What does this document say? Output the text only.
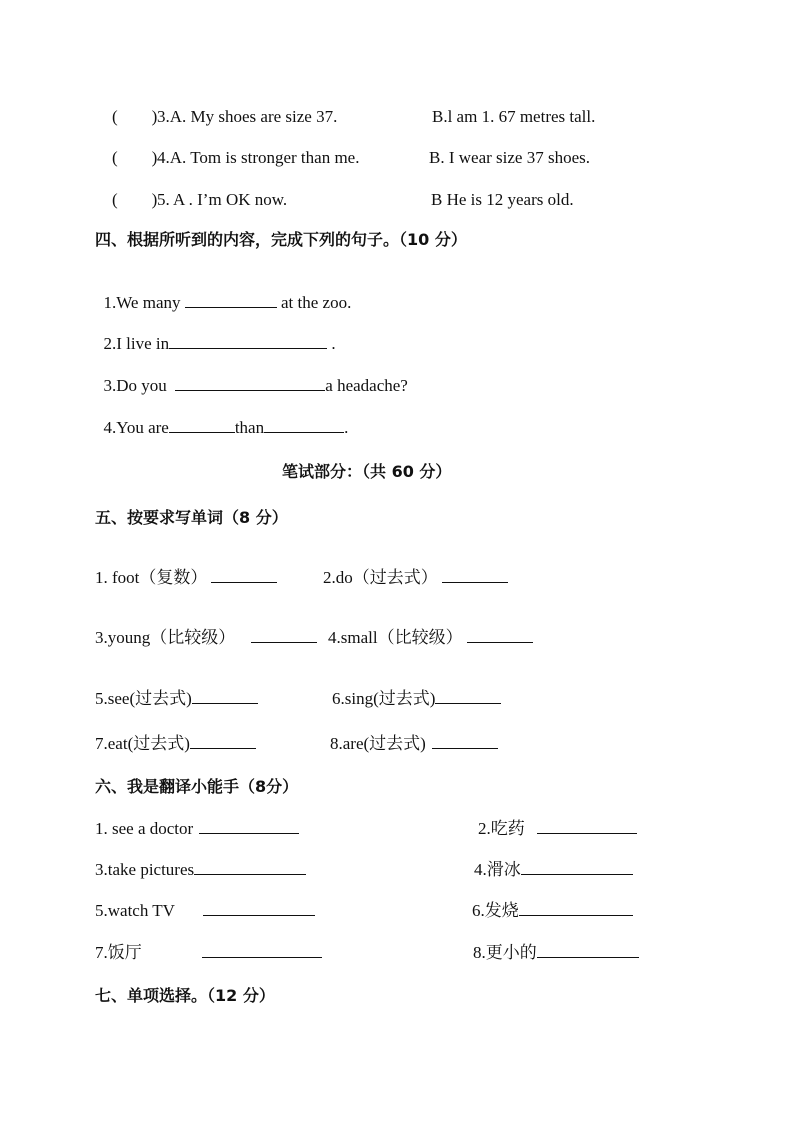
(        ) 3.A. My shoes are size 37.	B.l am 1. 67 metres tall.
(        ) 4.A. Tom is stronger than me.	B. I wear size 37 shoes.
(        ) 5. A . I’m OK now.	B He is 12 years old.
四、根据所听到的内容，完成下列的句子。（10 分）

1.We many	at the zoo.

2.I live in	.

3.Do you	a headache?

4.You are	than	.

笔试部分：（共 60 分）
五、按要求写单词（8 分）
1. foot（复数）	2.do（过去式）
3.young（比较级）	4.small（比较级）
5.see(过去式)	6.sing(过去式)
7.eat(过去式)	8.are(过去式)
六、我是翻译小能手（8分）
1. see a doctor	2.吃药
3.take pictures	4.滑冰
5.watch TV	6.发烧
7.饭厅	8.更小的
七、单项选择。（12 分）
